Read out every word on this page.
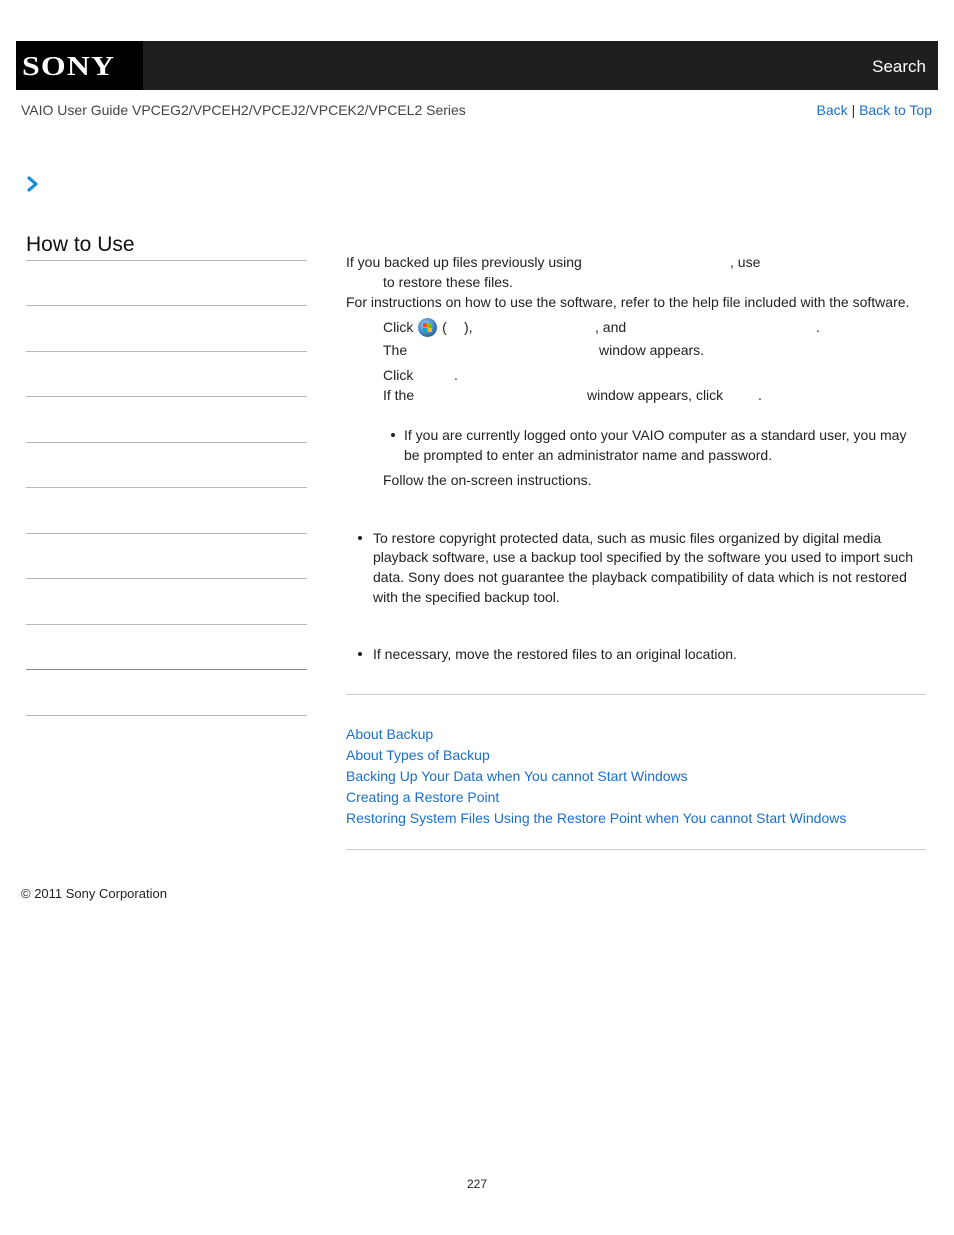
SONY	Search
VAIO User Guide VPCEG2/VPCEH2/VPCEJ2/VPCEK2/VPCEL2 Series	Back | Back to Top
How to Use
If you backed up files previously using	, use
to restore these files.
For instructions on how to use the software, refer to the help file included with the software.
Click ( ),	, and	.
The	window appears.
Click	.
If the	window appears, click .
If you are currently logged onto your VAIO computer as a standard user, you may
be prompted to enter an administrator name and password.
Follow the on-screen instructions.
To restore copyright protected data, such as music files organized by digital media
playback software, use a backup tool specified by the software you used to import such
data. Sony does not guarantee the playback compatibility of data which is not restored
with the specified backup tool.
If necessary, move the restored files to an original location.
About Backup
About Types of Backup
Backing Up Your Data when You cannot Start Windows
Creating a Restore Point
Restoring System Files Using the Restore Point when You cannot Start Windows
© 2011 Sony Corporation
227
